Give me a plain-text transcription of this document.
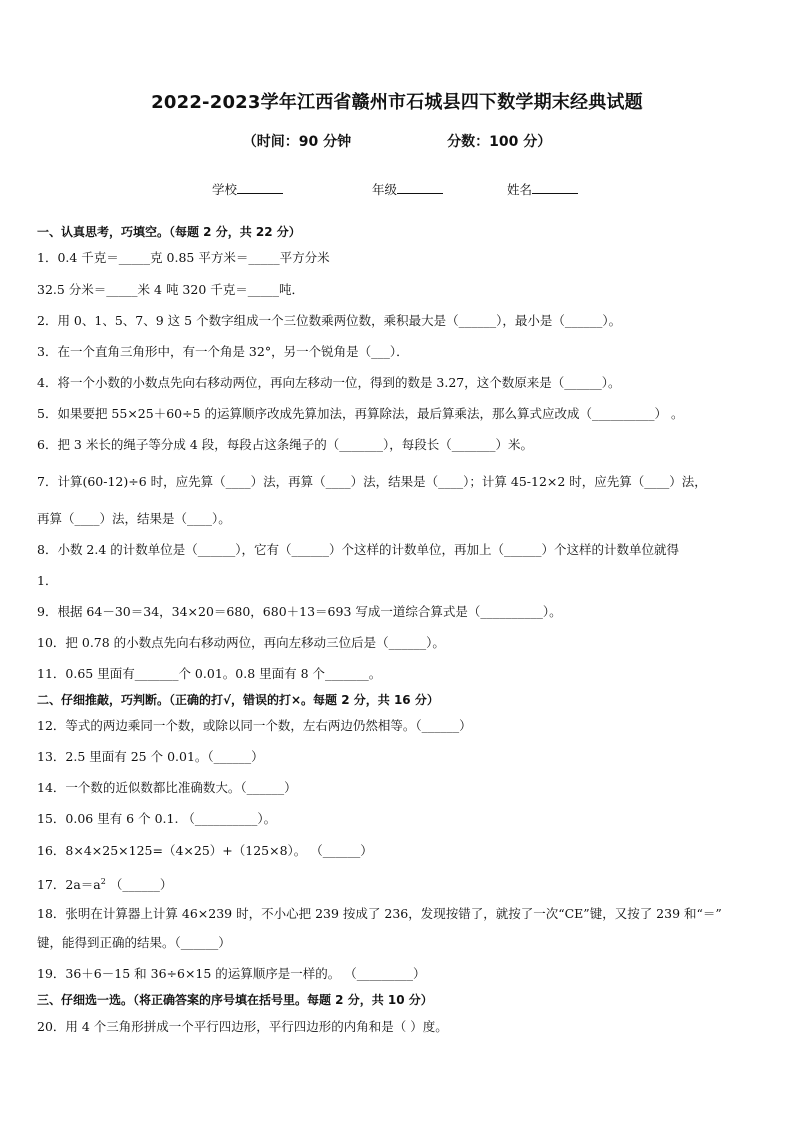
2022-2023学年江西省赣州市石城县四下数学期末经典试题
（时间：90 分钟	分数：100 分）
学校	年级	姓名
一、认真思考，巧填空。（每题 2 分，共 22 分）
1．0.4 千克＝_____克 0.85 平方米＝_____平方分米
32.5 分米＝_____米 4 吨 320 千克＝_____吨．
2．用 0、1、5、7、9 这 5 个数字组成一个三位数乘两位数，乘积最大是（______），最小是（______）。
3．在一个直角三角形中，有一个角是 32°，另一个锐角是（___）．
4．将一个小数的小数点先向右移动两位，再向左移动一位，得到的数是 3.27，这个数原来是（______）。
5．如果要把 55×25＋60÷5 的运算顺序改成先算加法，再算除法，最后算乘法，那么算式应改成（__________） 。
6．把 3 米长的绳子等分成 4 段，每段占这条绳子的（_______），每段长（_______）米。
7．计算(60-12)÷6 时，应先算（____）法，再算（____）法，结果是（____）；计算 45-12×2 时，应先算（____）法，
再算（____）法，结果是（____）。
8．小数 2.4 的计数单位是（______），它有（______）个这样的计数单位，再加上（______）个这样的计数单位就得
1．
9．根据 64－30＝34，34×20＝680，680＋13＝693 写成一道综合算式是（__________）。
10．把 0.78 的小数点先向右移动两位，再向左移动三位后是（______）。
11．0.65 里面有_______个 0.01。0.8 里面有 8 个_______。
二、仔细推敲，巧判断。（正确的打√，错误的打×。每题 2 分，共 16 分）
12．等式的两边乘同一个数，或除以同一个数，左右两边仍然相等。（______）
13．2.5 里面有 25 个 0.01。（______）
14．一个数的近似数都比准确数大。（______）
15．0.06 里有 6 个 0.1. （__________）。
16．8×4×25×125=（4×25）+（125×8）。 （______）
17．$2a=a^2$ （______）
18．张明在计算器上计算 46×239 时，不小心把 239 按成了 236，发现按错了，就按了一次“CE”键，又按了 239 和“＝”
键，能得到正确的结果。（______）
19．36＋6－15 和 36÷6×15 的运算顺序是一样的。 （_________）
三、仔细选一选。（将正确答案的序号填在括号里。每题 2 分，共 10 分）
20．用 4 个三角形拼成一个平行四边形，平行四边形的内角和是（ ）度。
